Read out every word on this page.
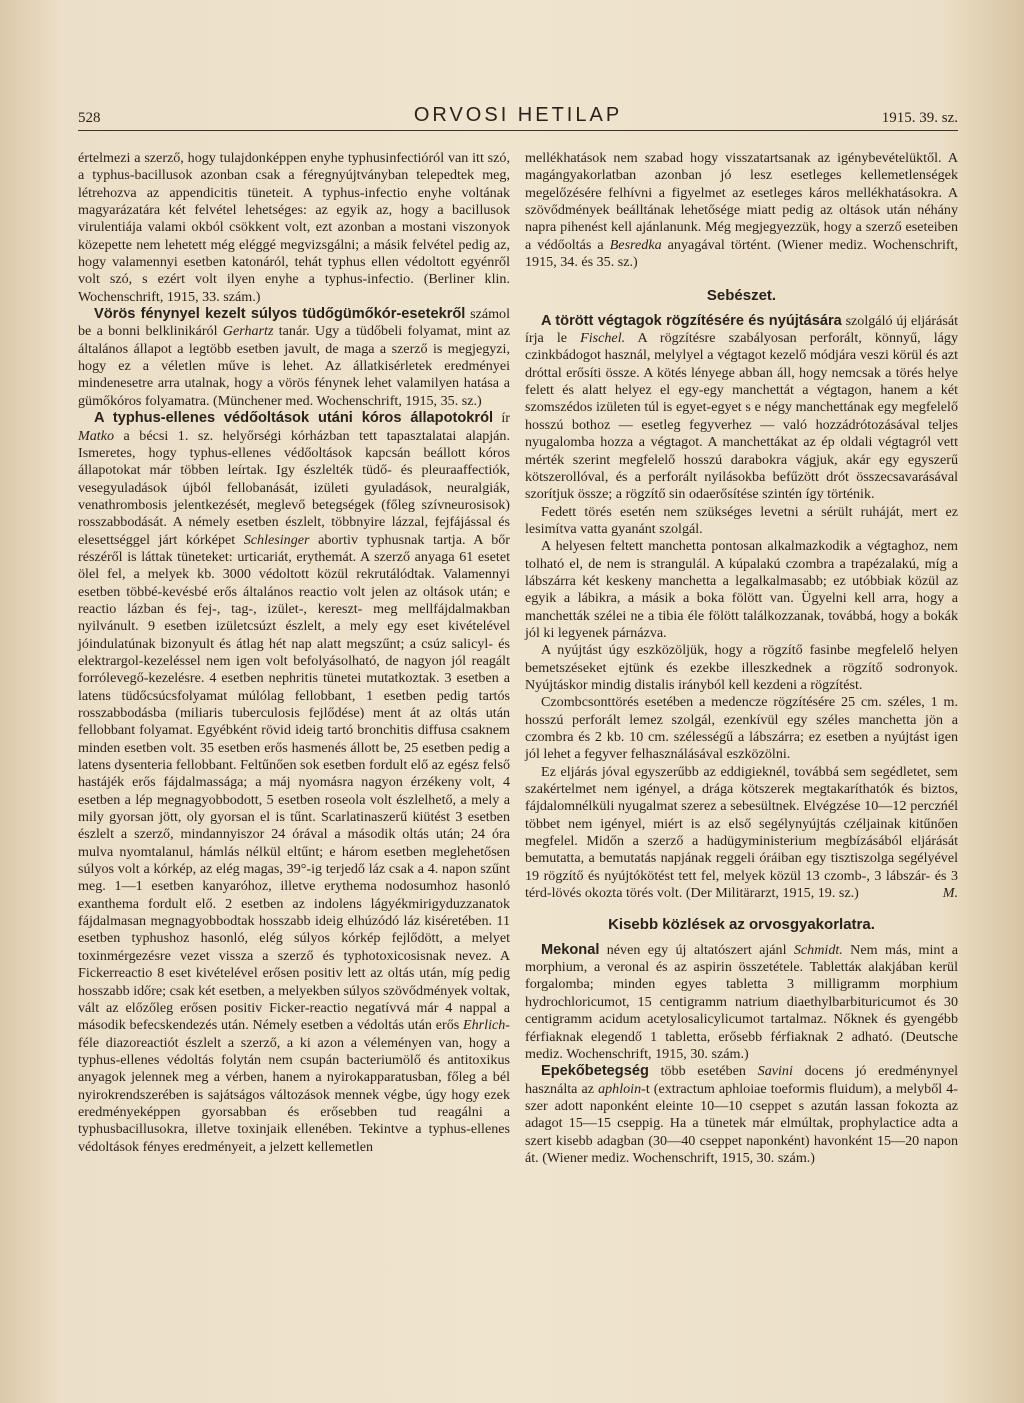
528	ORVOSI HETILAP	1915. 39. sz.

értelmezi a szerző, hogy tulajdonképpen enyhe typhusinfectióról van itt szó, a typhus-bacillusok azonban csak a féregnyújtványban telepedtek meg, létrehozva az appendicitis tüneteit. A typhus-infectio enyhe voltának magyarázatára két felvétel lehetséges: az egyik az, hogy a bacillusok virulentiája valami okból csökkent volt, ezt azonban a mostani viszonyok közepette nem lehetett még eléggé megvizsgálni; a másik felvétel pedig az, hogy valamennyi esetben katonáról, tehát typhus ellen védoltott egyénről volt szó, s ezért volt ilyen enyhe a typhus-infectio. (Berliner klin. Wochenschrift, 1915, 33. szám.)

Vörös fénynyel kezelt súlyos tüdőgümőkór-esetekről számol be a bonni belklinikáról Gerhartz tanár. Ugy a tüdőbeli folyamat, mint az általános állapot a legtöbb esetben javult, de maga a szerző is megjegyzi, hogy ez a véletlen műve is lehet. Az állatkisérletek eredményei mindenesetre arra utalnak, hogy a vörös fénynek lehet valamilyen hatása a gümőkóros folyamatra. (Münchener med. Wochenschrift, 1915, 35. sz.)

A typhus-ellenes védőoltások utáni kóros állapotokról ír Matko a bécsi 1. sz. helyőrségi kórházban tett tapasztalatai alapján. Ismeretes, hogy typhus-ellenes védőoltások kapcsán beállott kóros állapotokat már többen leírtak. Igy észlelték tüdő- és pleuraaffectiók, vesegyuladások újból fellobanását, izületi gyuladások, neuralgiák, venathrombosis jelentkezését, meglevő betegségek (főleg szívneurosisok) rosszabbodását. A némely esetben észlelt, többnyire lázzal, fejfájással és elesettséggel járt kórképet Schlesinger abortiv typhusnak tartja. A bőr részéről is láttak tüneteket: urticariát, erythemát. A szerző anyaga 61 esetet ölel fel, a melyek kb. 3000 védoltott közül rekrutálódtak. Valamennyi esetben többé-kevésbé erős általános reactio volt jelen az oltások után; e reactio lázban és fej-, tag-, izület-, kereszt- meg mellfájdalmakban nyilvánult. 9 esetben izületcsúzt észlelt, a mely egy eset kivételével jóindulatúnak bizonyult és átlag hét nap alatt megszűnt; a csúz salicyl- és elektrargol-kezeléssel nem igen volt befolyásolható, de nagyon jól reagált forrólevegő-kezelésre. 4 esetben nephritis tünetei mutatkoztak. 3 esetben a latens tüdőcsúcsfolyamat múlólag fellobbant, 1 esetben pedig tartós rosszabbodásba (miliaris tuberculosis fejlődése) ment át az oltás után fellobbant folyamat. Egyébként rövid ideig tartó bronchitis diffusa csaknem minden esetben volt. 35 esetben erős hasmenés állott be, 25 esetben pedig a latens dysenteria fellobbant. Feltűnően sok esetben fordult elő az egész felső hastájék erős fájdalmassága; a máj nyomásra nagyon érzékeny volt, 4 esetben a lép megnagyobbodott, 5 esetben roseola volt észlelhető, a mely a mily gyorsan jött, oly gyorsan el is tűnt. Scarlatinaszerű kiütést 3 esetben észlelt a szerző, mindannyiszor 24 órával a második oltás után; 24 óra mulva nyomtalanul, hámlás nélkül eltűnt; e három esetben meglehetősen súlyos volt a kórkép, az elég magas, 39°-ig terjedő láz csak a 4. napon szűnt meg. 1—1 esetben kanyaróhoz, illetve erythema nodosumhoz hasonló exanthema fordult elő. 2 esetben az indolens lágyékmirigyduzzanatok fájdalmasan megnagyobbodtak hosszabb ideig elhúzódó láz kiséretében. 11 esetben typhushoz hasonló, elég súlyos kórkép fejlődött, a melyet toxinmérgezésre vezet vissza a szerző és typhotoxicosisnak nevez. A Fickerreactio 8 eset kivételével erősen positiv lett az oltás után, míg pedig hosszabb időre; csak két esetben, a melyekben súlyos szövődmények voltak, vált az előzőleg erősen positiv Ficker-reactio negatívvá már 4 nappal a második befecskendezés után. Némely esetben a védoltás után erős Ehrlich-féle diazoreactiót észlelt a szerző, a ki azon a véleményen van, hogy a typhus-ellenes védoltás folytán nem csupán bacteriumölő és antitoxikus anyagok jelennek meg a vérben, hanem a nyirokapparatusban, főleg a bél nyirokrendszerében is sajátságos változások mennek végbe, úgy hogy ezek eredményeképpen gyorsabban és erősebben tud reagálni a typhusbacillusokra, illetve toxinjaik ellenében. Tekintve a typhus-ellenes védoltások fényes eredményeit, a jelzett kellemetlen

mellékhatások nem szabad hogy visszatartsanak az igénybevételüktől. A magángyakorlatban azonban jó lesz esetleges kellemetlenségek megelőzésére felhívni a figyelmet az esetleges káros mellékhatásokra. A szövődmények beálltának lehetősége miatt pedig az oltások után néhány napra pihenést kell ajánlanunk. Még megjegyezzük, hogy a szerző eseteiben a védőoltás a Besredka anyagával történt. (Wiener mediz. Wochenschrift, 1915, 34. és 35. sz.)

Sebészet.

A törött végtagok rögzítésére és nyújtására szolgáló új eljárását írja le Fischel. A rögzítésre szabályosan perforált, könnyű, lágy czinkbádogot használ, melylyel a végtagot kezelő módjára veszi körül és azt dróttal erősíti össze. A kötés lényege abban áll, hogy nemcsak a törés helye felett és alatt helyez el egy-egy manchettát a végtagon, hanem a két szomszédos izületen túl is egyet-egyet s e négy manchettának egy megfelelő hosszú bothoz — esetleg fegyverhez — való hozzádrótozásával teljes nyugalomba hozza a végtagot. A manchettákat az ép oldali végtagról vett mérték szerint megfelelő hosszú darabokra vágjuk, akár egy egyszerű kötszerollóval, és a perforált nyilásokba befűzött drót összecsavarásával szorítjuk össze; a rögzítő sin odaerősítése szintén így történik.

Fedett törés esetén nem szükséges levetni a sérült ruháját, mert ez lesimítva vatta gyanánt szolgál.

A helyesen feltett manchetta pontosan alkalmazkodik a végtaghoz, nem tolható el, de nem is strangulál. A kúpalakú czombra a trapézalakú, míg a lábszárra két keskeny manchetta a legalkalmasabb; ez utóbbiak közül az egyik a lábikra, a másik a boka fölött van. Ügyelni kell arra, hogy a manchetták szélei ne a tibia éle fölött találkozzanak, továbbá, hogy a bokák jól ki legyenek párnázva.

A nyújtást úgy eszközöljük, hogy a rögzítő fasinbe megfelelő helyen bemetszéseket ejtünk és ezekbe illeszkednek a rögzítő sodronyok. Nyújtáskor mindig distalis irányból kell kezdeni a rögzítést.

Czombcsonttörés esetében a medencze rögzítésére 25 cm. széles, 1 m. hosszú perforált lemez szolgál, ezenkívül egy széles manchetta jön a czombra és 2 kb. 10 cm. szélességű a lábszárra; ez esetben a nyújtást igen jól lehet a fegyver felhasználásával eszközölni.

Ez eljárás jóval egyszerűbb az eddigieknél, továbbá sem segédletet, sem szakértelmet nem igényel, a drága kötszerek megtakaríthatók és biztos, fájdalomnélküli nyugalmat szerez a sebesültnek. Elvégzése 10—12 perczńél többet nem igényel, miért is az első segélynyújtás czéljainak kitűnően megfelel. Midőn a szerző a hadügyministerium megbízásából eljárását bemutatta, a bemutatás napjának reggeli óráiban egy tisztiszolga segélyével 19 rögzítő és nyújtókötést tett fel, melyek közül 13 czomb-, 3 lábszár- és 3 térd-lövés okozta törés volt. (Der Militärarzt, 1915, 19. sz.)	M.

Kisebb közlések az orvosgyakorlatra.

Mekonal néven egy új altatószert ajánl Schmidt. Nem más, mint a morphium, a veronal és az aspirin összetétele. Tablettáк alakjában kerül forgalomba; minden egyes tabletta 3 milligramm morphium hydrochloricumot, 15 centigramm natrium diaethylbarbituricumot és 30 centigramm acidum acetylosalicylicumot tartalmaz. Nőknek és gyengébb férfiaknak elegendő 1 tabletta, erősebb férfiaknak 2 adható. (Deutsche mediz. Wochenschrift, 1915, 30. szám.)

Epekőbetegség több esetében Savini docens jó eredménynyel használta az aphloin-t (extractum aphloiae toeformis fluidum), a melyből 4-szer adott naponként eleinte 10—10 cseppet s azután lassan fokozta az adagot 15—15 cseppig. Ha a tünetek már elmúltak, prophylactice adta a szert kisebb adagban (30—40 cseppet naponként) havonként 15—20 napon át. (Wiener mediz. Wochenschrift, 1915, 30. szám.)
